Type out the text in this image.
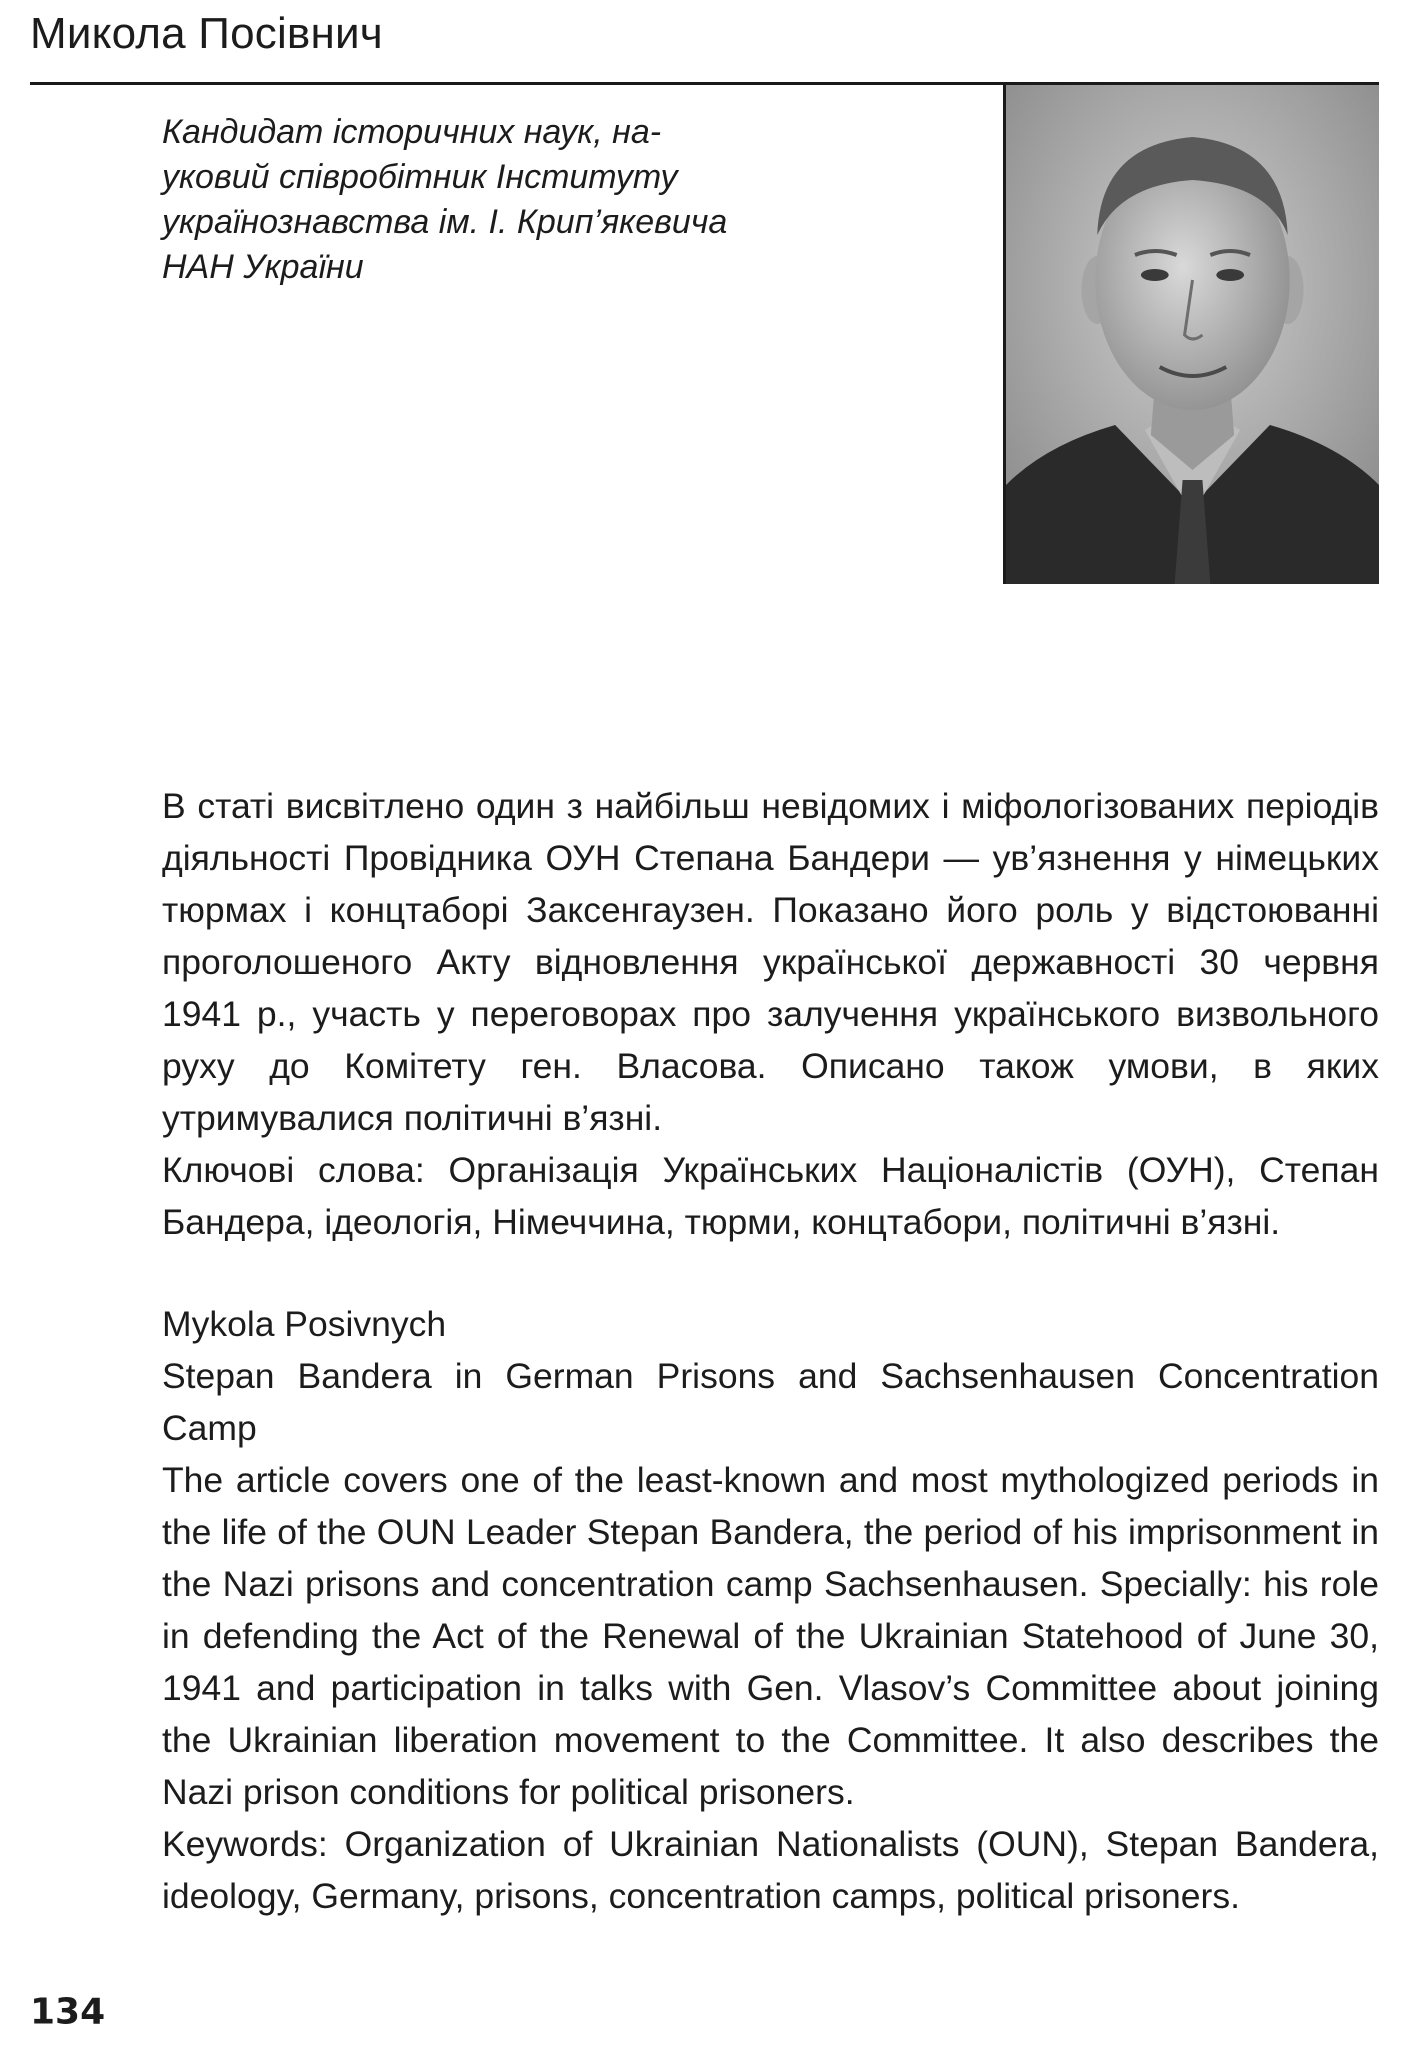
Микола Посівнич
Кандидат історичних наук, на-
уковий співробітник Інституту
українознавства ім. І. Крип’якевича
НАН України

В статі висвітлено один з найбільш невідомих і міфологізованих періодів діяльності Провідника ОУН Степана Бандери — ув’язнення у німецьких тюрмах і концтаборі Заксенгаузен. Показано його роль у відстоюванні проголошеного Акту відновлення української державності 30 червня 1941 р., участь у переговорах про залучення українського визвольного руху до Комітету ген. Власова. Описано також умови, в яких утримувалися політичні в’язні.

Ключові слова: Організація Українських Націоналістів (ОУН), Степан Бандера, ідеологія, Німеччина, тюрми, концтабори, політичні в’язні.

Mykola Posivnych

Stepan Bandera in German Prisons and Sachsenhausen Concentration Camp

The article covers one of the least-known and most mythologized periods in the life of the OUN Leader Stepan Bandera, the period of his imprisonment in the Nazi prisons and concentration camp Sachsenhausen. Specially: his role in defending the Act of the Renewal of the Ukrainian Statehood of June 30, 1941 and participation in talks with Gen. Vlasov’s Committee about joining the Ukrainian liberation movement to the Committee. It also describes the Nazi prison conditions for political prisoners.

Keywords: Organization of Ukrainian Nationalists (OUN), Stepan Bandera, ideology, Germany, prisons, concentration camps, political prisoners.

134
